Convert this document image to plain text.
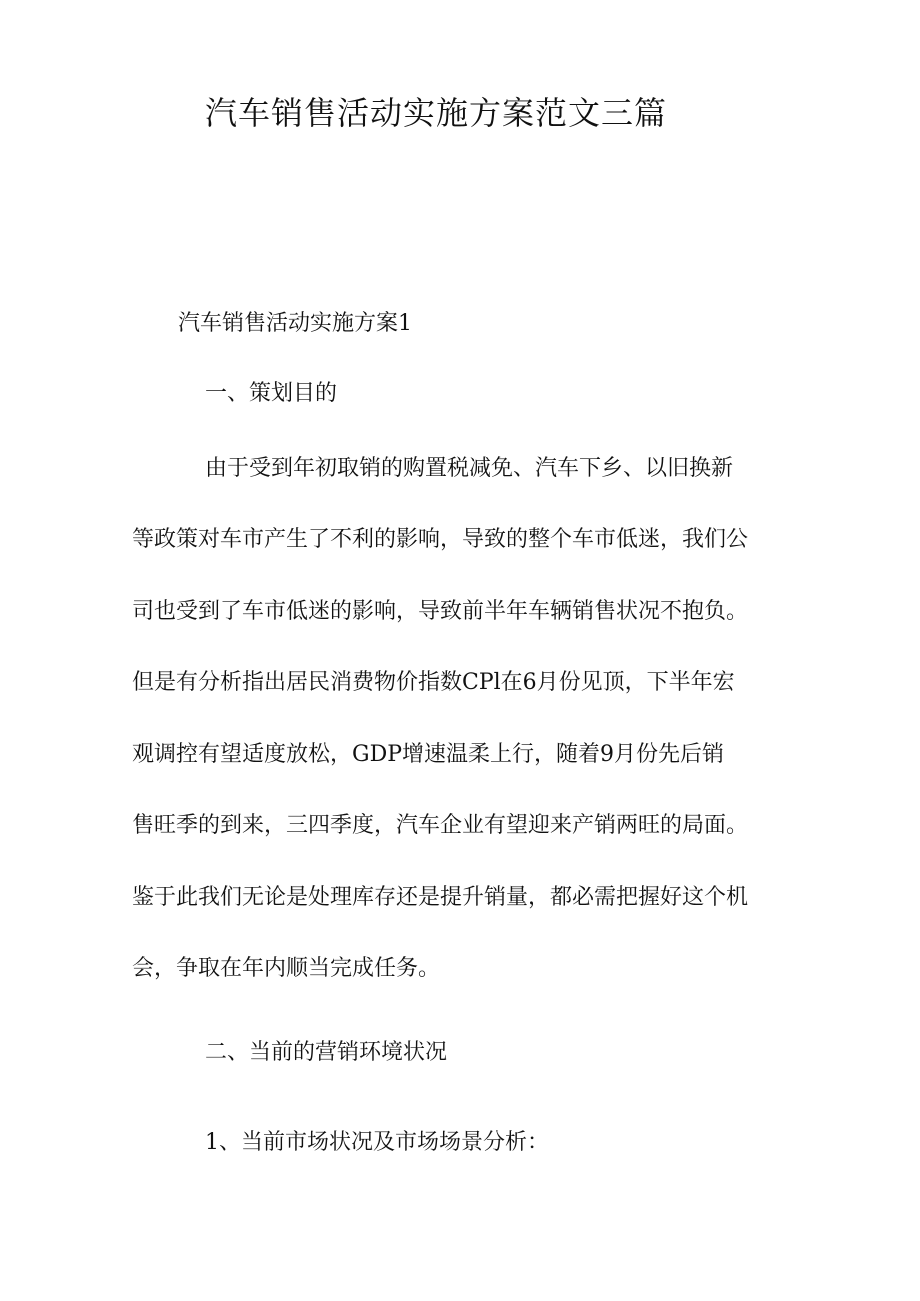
汽车销售活动实施方案范文三篇

汽车销售活动实施方案1

一、策划目的

由于受到年初取销的购置税减免、汽车下乡、以旧换新

等政策对车市产生了不利的影响，导致的整个车市低迷，我们公

司也受到了车市低迷的影响，导致前半年车辆销售状况不抱负。

但是有分析指出居民消费物价指数CPl在6月份见顶，下半年宏

观调控有望适度放松，GDP增速温柔上行，随着9月份先后销

售旺季的到来，三四季度，汽车企业有望迎来产销两旺的局面。

鉴于此我们无论是处理库存还是提升销量，都必需把握好这个机

会，争取在年内顺当完成任务。

二、当前的营销环境状况

1、当前市场状况及市场场景分析：
